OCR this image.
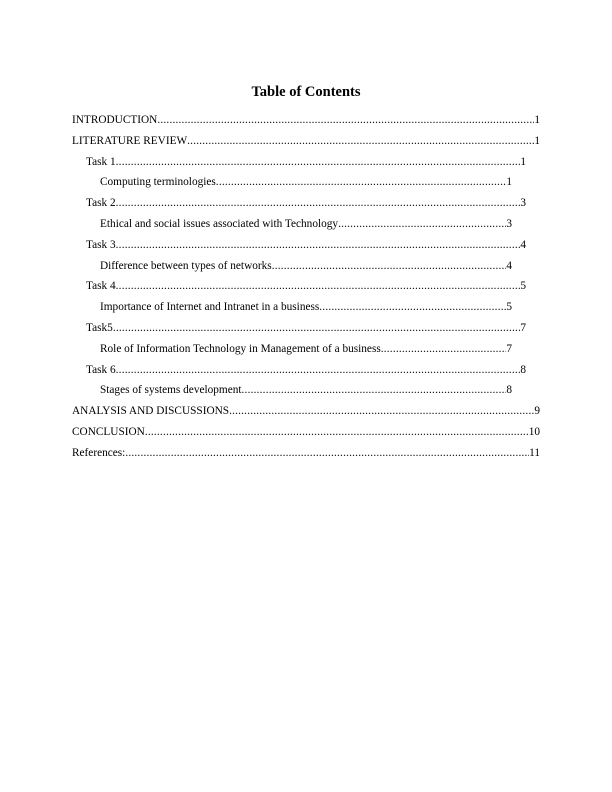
Table of Contents
INTRODUCTION .....	1
LITERATURE REVIEW .....	1
Task 1 .....	1
Computing terminologies .....	1
Task 2 .....	3
Ethical and social issues associated with Technology .....	3
Task 3 .....	4
Difference between types of networks .....	4
Task 4 .....	5
Importance of Internet and Intranet in a business .....	5
Task5 .....	7
Role of Information Technology in Management of a business .....	7
Task 6 .....	8
Stages of systems development .....	8
ANALYSIS AND DISCUSSIONS .....	9
CONCLUSION .....	10
References: .....	11
